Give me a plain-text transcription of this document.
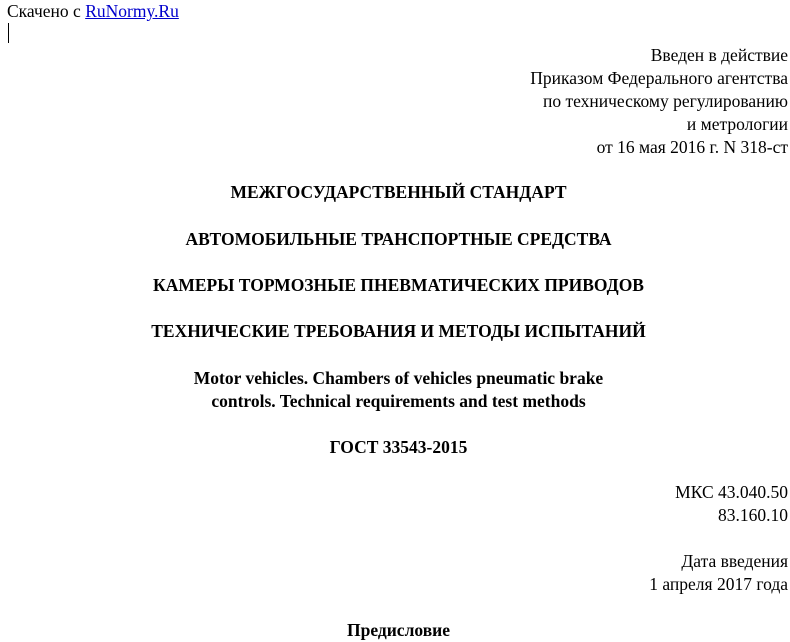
Скачено с RuNormy.Ru
Введен в действие
Приказом Федерального агентства
по техническому регулированию
и метрологии
от 16 мая 2016 г. N 318-ст
МЕЖГОСУДАРСТВЕННЫЙ СТАНДАРТ
АВТОМОБИЛЬНЫЕ ТРАНСПОРТНЫЕ СРЕДСТВА
КАМЕРЫ ТОРМОЗНЫЕ ПНЕВМАТИЧЕСКИХ ПРИВОДОВ
ТЕХНИЧЕСКИЕ ТРЕБОВАНИЯ И МЕТОДЫ ИСПЫТАНИЙ
Motor vehicles. Chambers of vehicles pneumatic brake
controls. Technical requirements and test methods
ГОСТ 33543-2015
МКС 43.040.50
83.160.10
Дата введения
1 апреля 2017 года
Предисловие
